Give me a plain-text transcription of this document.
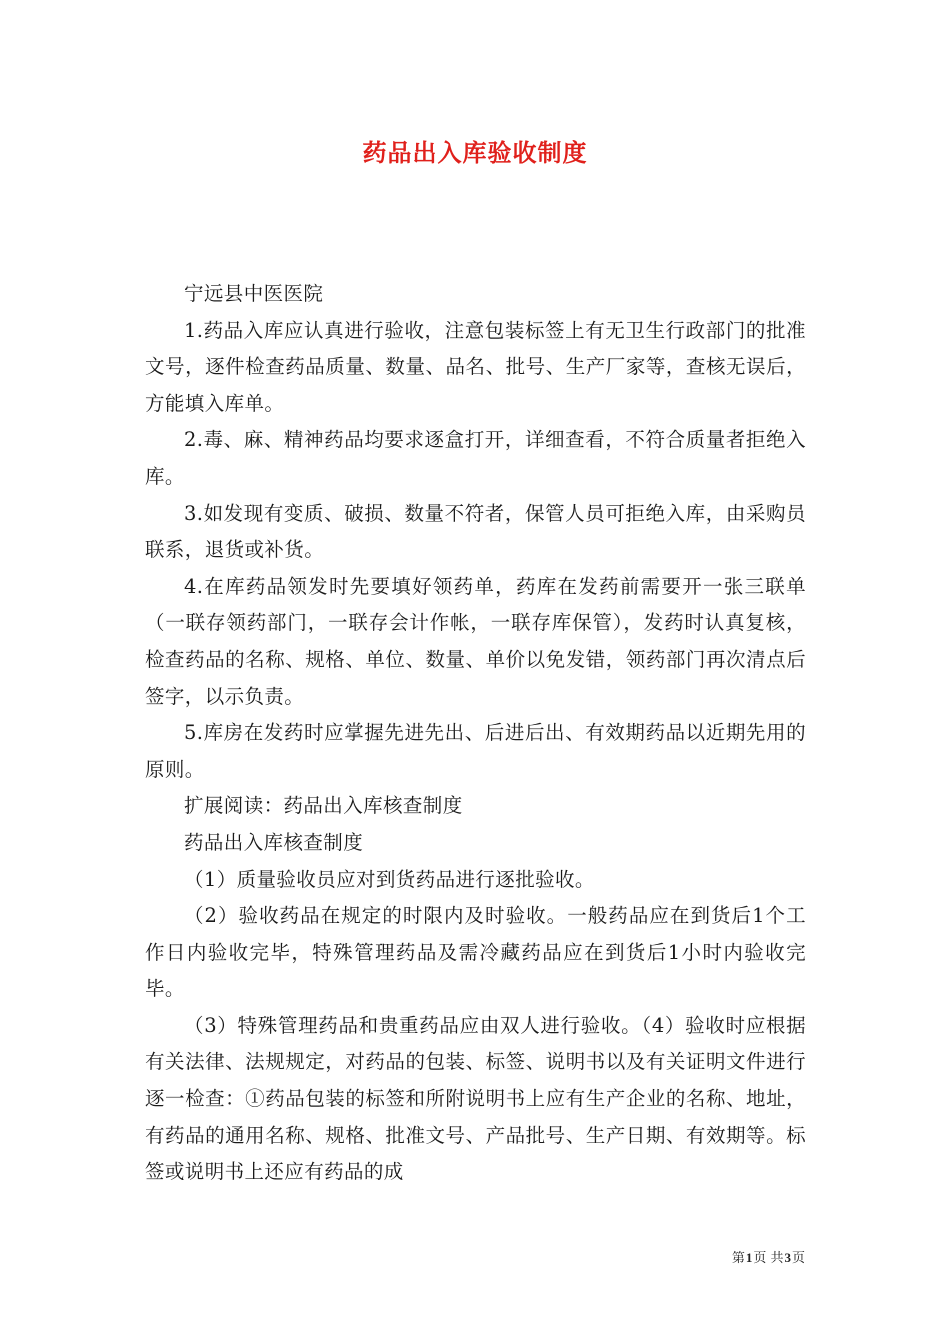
药品出入库验收制度

宁远县中医医院

1.药品入库应认真进行验收，注意包装标签上有无卫生行政部门的批准文号，逐件检查药品质量、数量、品名、批号、生产厂家等，查核无误后，方能填入库单。

2.毒、麻、精神药品均要求逐盒打开，详细查看，不符合质量者拒绝入库。

3.如发现有变质、破损、数量不符者，保管人员可拒绝入库，由采购员联系，退货或补货。

4.在库药品领发时先要填好领药单，药库在发药前需要开一张三联单（一联存领药部门，一联存会计作帐，一联存库保管），发药时认真复核，检查药品的名称、规格、单位、数量、单价以免发错，领药部门再次清点后签字，以示负责。

5.库房在发药时应掌握先进先出、后进后出、有效期药品以近期先用的原则。

扩展阅读：药品出入库核查制度

药品出入库核查制度

（1）质量验收员应对到货药品进行逐批验收。

（2）验收药品在规定的时限内及时验收。一般药品应在到货后1个工作日内验收完毕，特殊管理药品及需冷藏药品应在到货后1小时内验收完毕。

（3）特殊管理药品和贵重药品应由双人进行验收。（4）验收时应根据有关法律、法规规定，对药品的包装、标签、说明书以及有关证明文件进行逐一检查：①药品包装的标签和所附说明书上应有生产企业的名称、地址，有药品的通用名称、规格、批准文号、产品批号、生产日期、有效期等。标签或说明书上还应有药品的成

第1页 共3页
